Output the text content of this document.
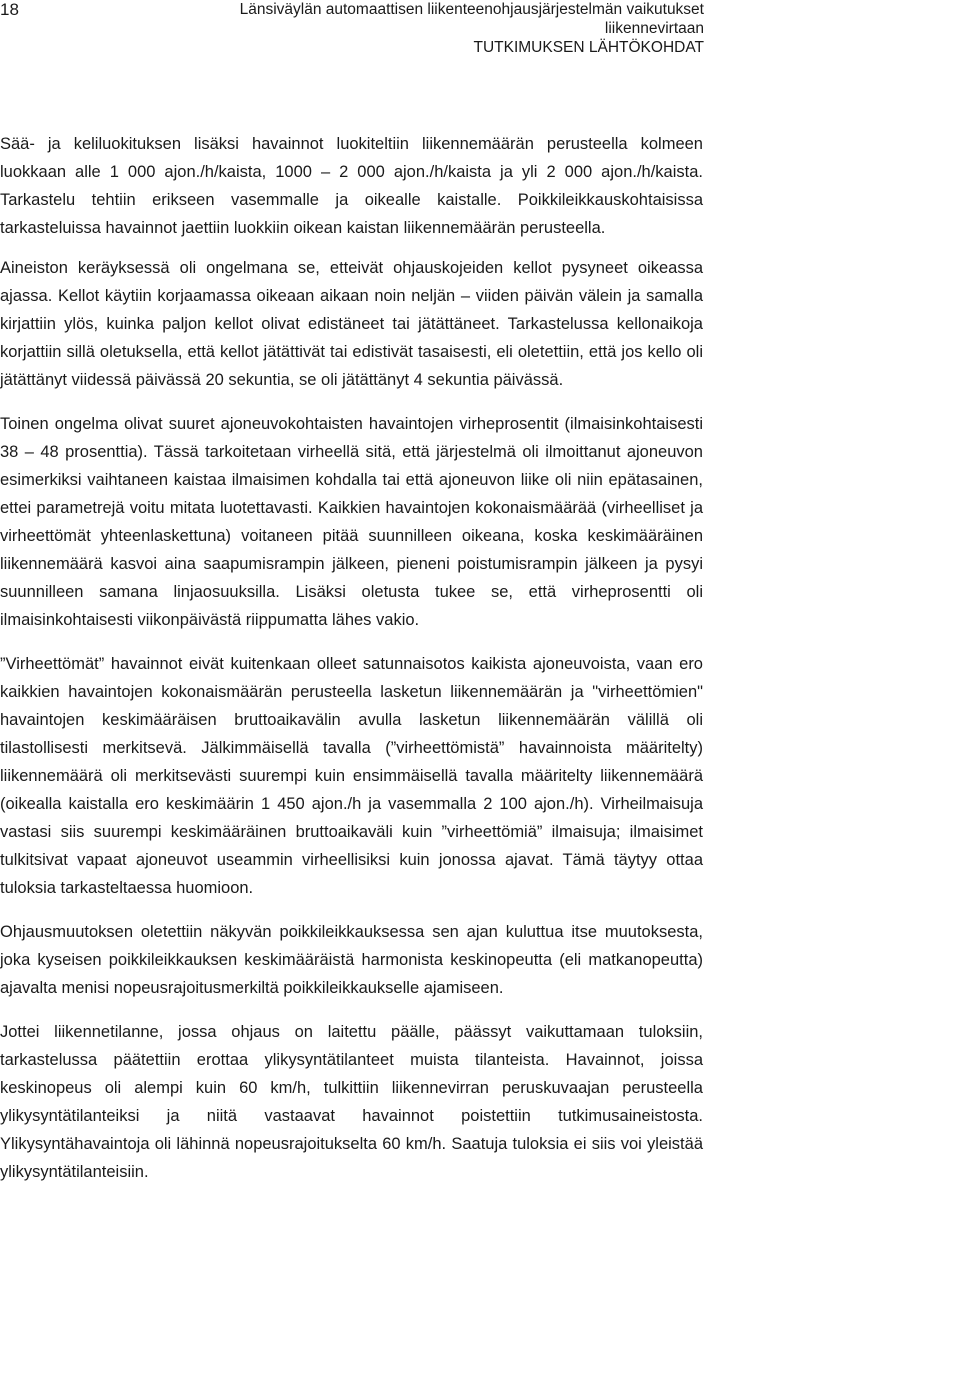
18	Länsiväylän automaattisen liikenteenohjausjärjestelmän vaikutukset
liikennevirtaan
TUTKIMUKSEN LÄHTÖKOHDAT

Sää- ja keliluokituksen lisäksi havainnot luokiteltiin liikennemäärän perusteella kolmeen luokkaan alle 1 000 ajon./h/kaista, 1000 – 2 000 ajon./h/kaista ja yli 2 000 ajon./h/kaista. Tarkastelu tehtiin erikseen vasemmalle ja oikealle kaistalle. Poikkileikkauskohtaisissa tarkasteluissa havainnot jaettiin luokkiin oikean kaistan liikennemäärän perusteella.

Aineiston keräyksessä oli ongelmana se, etteivät ohjauskojeiden kellot pysyneet oikeassa ajassa. Kellot käytiin korjaamassa oikeaan aikaan noin neljän – viiden päivän välein ja samalla kirjattiin ylös, kuinka paljon kellot olivat edistäneet tai jätättäneet. Tarkastelussa kellonaikoja korjattiin sillä oletuksella, että kellot jätättivät tai edistivät tasaisesti, eli oletettiin, että jos kello oli jätättänyt viidessä päivässä 20 sekuntia, se oli jätättänyt 4 sekuntia päivässä.

Toinen ongelma olivat suuret ajoneuvokohtaisten havaintojen virheprosentit (ilmaisinkohtaisesti 38 – 48 prosenttia). Tässä tarkoitetaan virheellä sitä, että järjestelmä oli ilmoittanut ajoneuvon esimerkiksi vaihtaneen kaistaa ilmaisimen kohdalla tai että ajoneuvon liike oli niin epätasainen, ettei parametrejä voitu mitata luotettavasti. Kaikkien havaintojen kokonaismäärää (virheelliset ja virheettömät yhteenlaskettuna) voitaneen pitää suunnilleen oikeana, koska keskimääräinen liikennemäärä kasvoi aina saapumisrampin jälkeen, pieneni poistumisrampin jälkeen ja pysyi suunnilleen samana linjaosuuksilla. Lisäksi oletusta tukee se, että virheprosentti oli ilmaisinkohtaisesti viikonpäivästä riippumatta lähes vakio.

”Virheettömät” havainnot eivät kuitenkaan olleet satunnaisotos kaikista ajoneuvoista, vaan ero kaikkien havaintojen kokonaismäärän perusteella lasketun liikennemäärän ja "virheettömien" havaintojen keskimääräisen bruttoaikavälin avulla lasketun liikennemäärän välillä oli tilastollisesti merkitsevä. Jälkimmäisellä tavalla (”virheettömistä” havainnoista määritelty) liikennemäärä oli merkitsevästi suurempi kuin ensimmäisellä tavalla määritelty liikennemäärä (oikealla kaistalla ero keskimäärin 1 450 ajon./h ja vasemmalla 2 100 ajon./h). Virheilmaisuja vastasi siis suurempi keskimääräinen bruttoaikaväli kuin ”virheettömiä” ilmaisuja; ilmaisimet tulkitsivat vapaat ajoneuvot useammin virheellisiksi kuin jonossa ajavat. Tämä täytyy ottaa tuloksia tarkasteltaessa huomioon.

Ohjausmuutoksen oletettiin näkyvän poikkileikkauksessa sen ajan kuluttua itse muutoksesta, joka kyseisen poikkileikkauksen keskimääräistä harmonista keskinopeutta (eli matkanopeutta) ajavalta menisi nopeusrajoitusmerkiltä poikkileikkaukselle ajamiseen.

Jottei liikennetilanne, jossa ohjaus on laitettu päälle, päässyt vaikuttamaan tuloksiin, tarkastelussa päätettiin erottaa ylikysyntätilanteet muista tilanteista. Havainnot, joissa keskinopeus oli alempi kuin 60 km/h, tulkittiin liikennevirran peruskuvaajan perusteella ylikysyntätilanteiksi ja niitä vastaavat havainnot poistettiin tutkimusaineistosta. Ylikysyntähavaintoja oli lähinnä nopeusrajoitukselta 60 km/h. Saatuja tuloksia ei siis voi yleistää ylikysyntätilanteisiin.
